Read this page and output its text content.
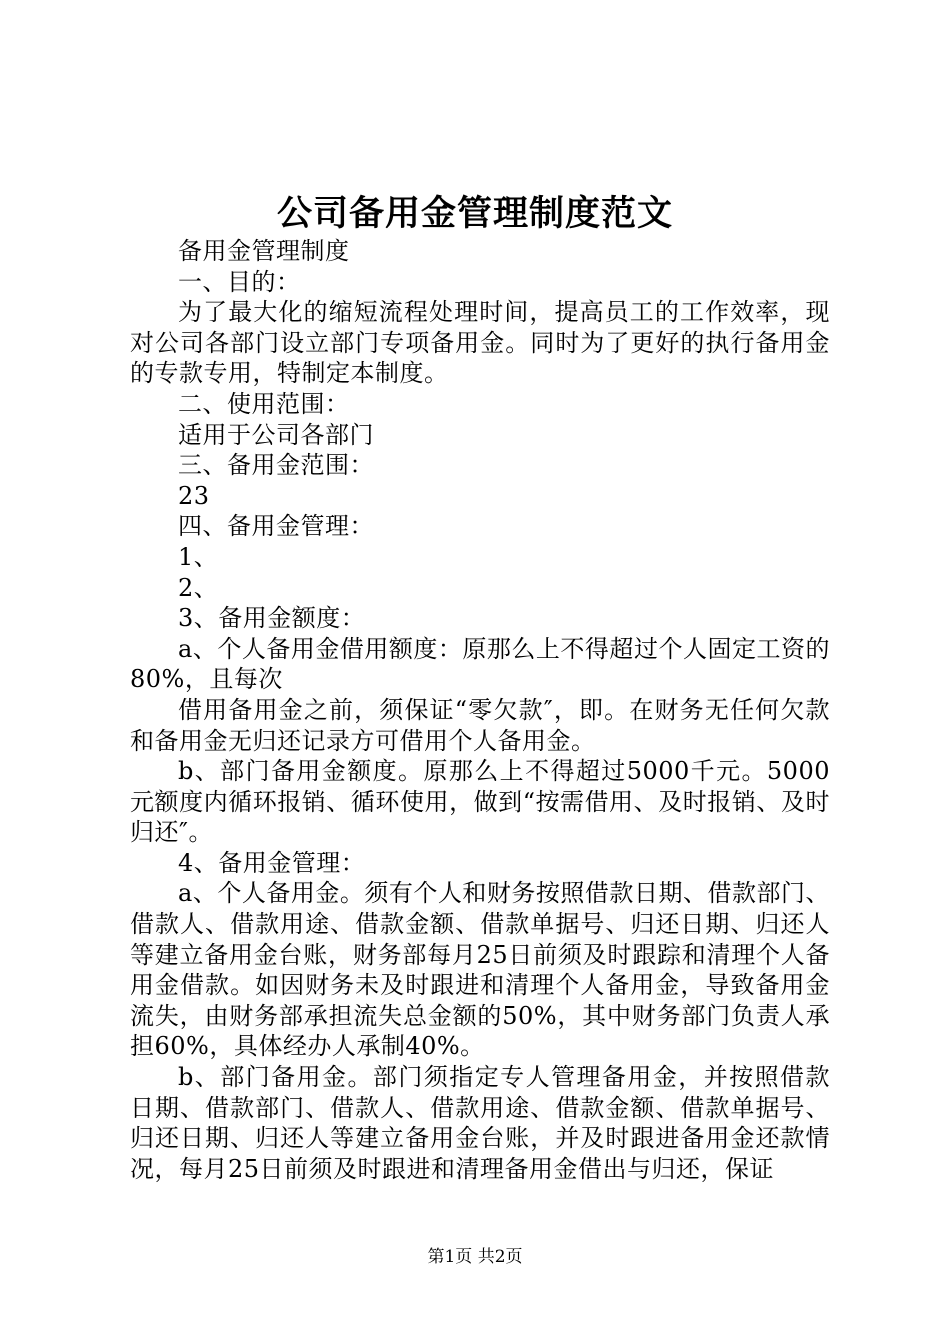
公司备用金管理制度范文

备用金管理制度

一、目的：

为了最大化的缩短流程处理时间，提高员工的工作效率，现对公司各部门设立部门专项备用金。同时为了更好的执行备用金的专款专用，特制定本制度。

二、使用范围：

适用于公司各部门

三、备用金范围：

23

四、备用金管理：

1、

2、

3、备用金额度：

a、个人备用金借用额度：原那么上不得超过个人固定工资的80%，且每次

借用备用金之前，须保证“零欠款″，即。在财务无任何欠款和备用金无归还记录方可借用个人备用金。

b、部门备用金额度。原那么上不得超过5000千元。5000元额度内循环报销、循环使用，做到“按需借用、及时报销、及时归还″。

4、备用金管理：

a、个人备用金。须有个人和财务按照借款日期、借款部门、借款人、借款用途、借款金额、借款单据号、归还日期、归还人等建立备用金台账，财务部每月25日前须及时跟踪和清理个人备用金借款。如因财务未及时跟进和清理个人备用金，导致备用金流失，由财务部承担流失总金额的50%，其中财务部门负责人承担60%，具体经办人承制40%。

b、部门备用金。部门须指定专人管理备用金，并按照借款日期、借款部门、借款人、借款用途、借款金额、借款单据号、归还日期、归还人等建立备用金台账，并及时跟进备用金还款情况，每月25日前须及时跟进和清理备用金借出与归还，保证

第1页 共2页
